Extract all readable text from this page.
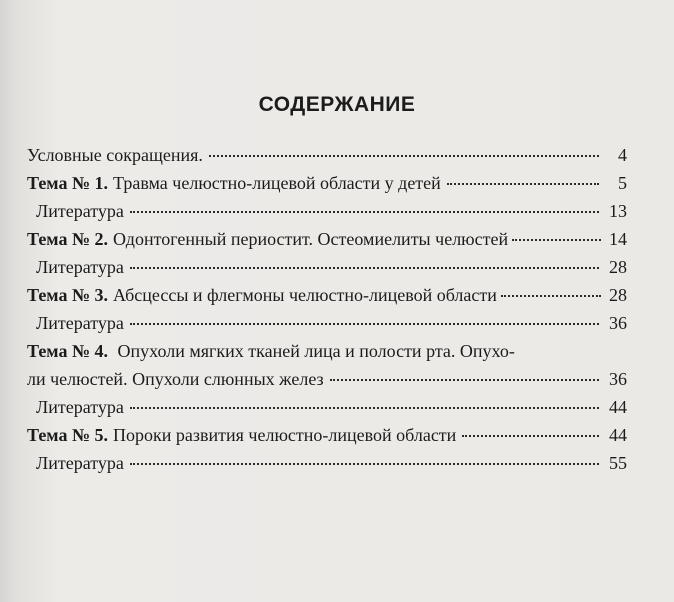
СОДЕРЖАНИЕ
Условные сокращения.	4
Тема № 1. Травма челюстно-лицевой области у детей	5
Литература	13
Тема № 2. Одонтогенный периостит. Остеомиелиты челюстей	14
Литература	28
Тема № 3. Абсцессы и флегмоны челюстно-лицевой области	28
Литература	36
Тема № 4. Опухоли мягких тканей лица и полости рта. Опухо-
ли челюстей. Опухоли слюнных желез	36
Литература	44
Тема № 5. Пороки развития челюстно-лицевой области	44
Литература	55
